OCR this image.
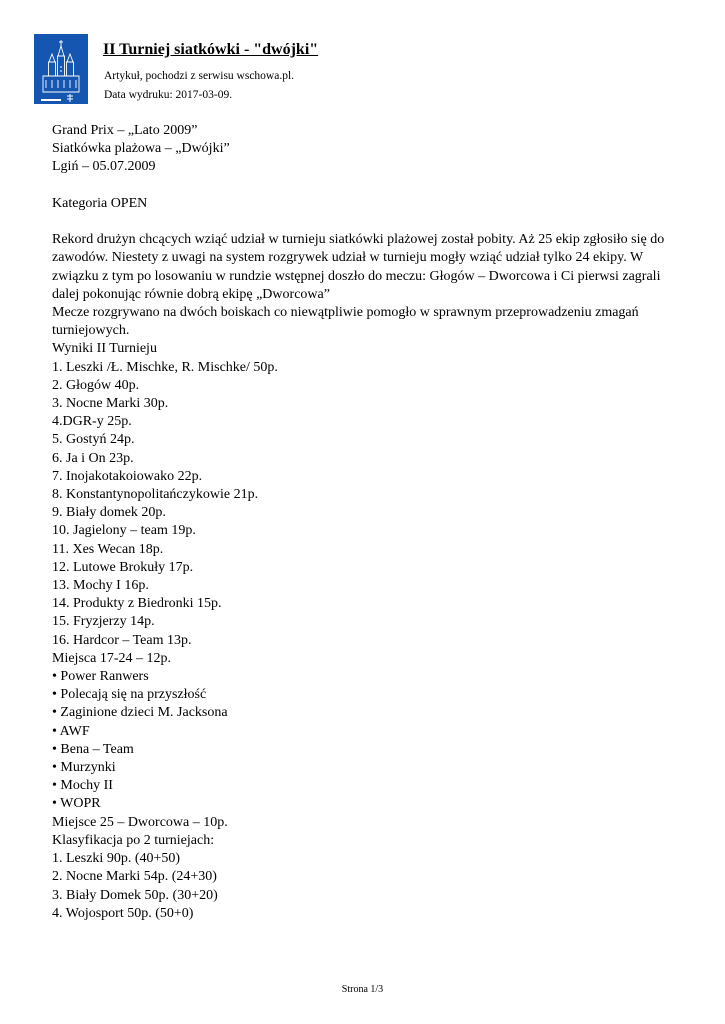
II Turniej siatkówki - "dwójki"
Artykuł, pochodzi z serwisu wschowa.pl.
Data wydruku: 2017-03-09.
Grand Prix – „Lato 2009”
Siatkówka plażowa – „Dwójki”
Lgiń – 05.07.2009
Kategoria OPEN
Rekord drużyn chcących wziąć udział w turnieju siatkówki plażowej został pobity. Aż 25 ekip zgłosiło się do zawodów. Niestety z uwagi na system rozgrywek udział w turnieju mogły wziąć udział tylko 24 ekipy. W związku z tym po losowaniu w rundzie wstępnej doszło do meczu: Głogów – Dworcowa i Ci pierwsi zagrali dalej pokonując równie dobrą ekipę „Dworcowa”
Mecze rozgrywano na dwóch boiskach co niewątpliwie pomogło w sprawnym przeprowadzeniu zmagań turniejowych.
Wyniki II Turnieju
1. Leszki /Ł. Mischke, R. Mischke/ 50p.
2. Głogów 40p.
3. Nocne Marki 30p.
4.DGR-y 25p.
5. Gostyń 24p.
6. Ja i On 23p.
7. Inojakotakoiowako 22p.
8. Konstantynopolitańczykowie 21p.
9. Biały domek 20p.
10. Jagielony – team 19p.
11. Xes Wecan 18p.
12. Lutowe Brokuły 17p.
13. Mochy I 16p.
14. Produkty z Biedronki 15p.
15. Fryzjerzy 14p.
16. Hardcor – Team 13p.
Miejsca 17-24 – 12p.
• Power Ranwers
• Polecają się na przyszłość
• Zaginione dzieci M. Jacksona
• AWF
• Bena – Team
• Murzynki
• Mochy II
• WOPR
Miejsce 25 – Dworcowa – 10p.
Klasyfikacja po 2 turniejach:
1. Leszki 90p. (40+50)
2. Nocne Marki 54p. (24+30)
3. Biały Domek 50p. (30+20)
4. Wojosport 50p. (50+0)
Strona 1/3
